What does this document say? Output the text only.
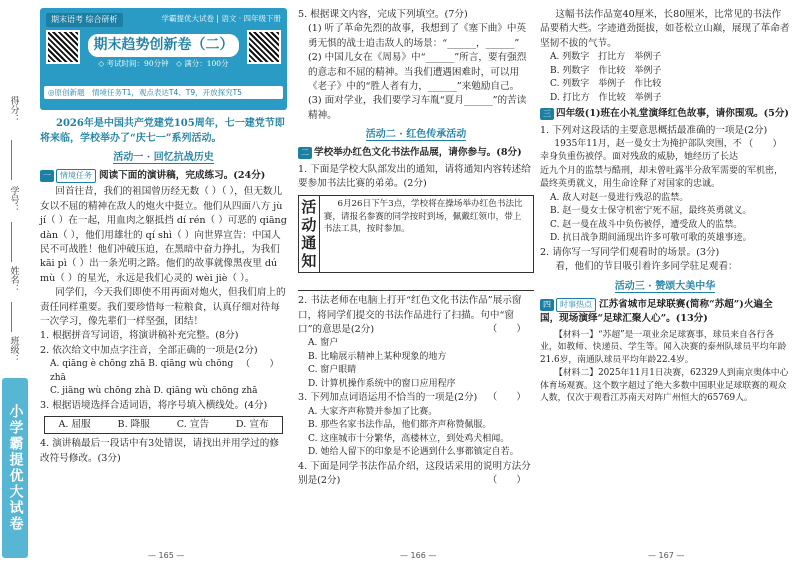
得分：
学号：
姓名：
班级：
小学霸提优大试卷
期末语考 综合研析	学霸提优大试卷 | 语文 · 四年级下册
期末趋势创新卷（二）
◇ 考试时间：90分钟　◇ 满分：100分
◎原创新题　情境任务T1，观点表达T4、T9，开放探究T5

2026年是中国共产党建党105周年，七一建党节即将来临，学校举办了“庆七一”系列活动。

活动一 · 回忆抗战历史
一 情境任务 阅读下面的演讲稿，完成练习。(24分)

回首往昔，我们的祖国曾历经无数（ ）（ ），但无数儿女以不屈的精神在敌人的炮火中挺立。他们从四面八方 jù jí（ ）在一起，用血肉之躯抵挡 dí rén（ ）可恶的 qiāng dàn（ ），他们用雄壮的 qí shì（ ）向世界宣告：中国人民不可战胜！他们冲破压迫，在黑暗中奋力挣扎，为我们 kāi pì（ ）出一条光明之路。他们的故事就像黑夜里 dú mù（ ）的星光，永远是我们心灵的 wèi jiè（ ）。

同学们，今天我们即使不用再面对炮火，但我们肩上的责任同样重要。我们要珍惜每一粒粮食，认真仔细对待每一次学习，像先辈们一样坚强，团结！

1. 根据拼音写词语，将演讲稿补充完整。(8分)

2. 依次给文中加点字注音，全部正确的一项是(2分)
（　　）

A. qiāng è chōng zhā B. qiāng wù chōng zhā

C. jiāng wù chōng zhà D. qiāng wù chōng zhā

3. 根据语境选择合适词语，将序号填入横线处。(4分)

A. 屈服	B. 降服	C. 宣告	D. 宣布

4. 演讲稿最后一段话中有3处错误，请找出并用学过的修改符号修改。(3分)

— 165 —

5. 根据课文内容，完成下列填空。(7分)

(1) 听了革命先烈的故事，我想到了《塞下曲》中英勇无惧的战士追击敌人的场景：“______，______”

(2) 中国儿女在《周易》中“______”所言，要有强烈的意志和不屈的精神。当我们遭遇困难时，可以用《老子》中的“胜人者有力，______”来勉励自己。

(3) 面对学业，我们要学习车胤“夏月______”的苦读精神。

活动二 · 红色传承活动
二 学校举办红色文化书法作品展，请你参与。(8分)

1. 下面是学校大队部发出的通知，请将通知内容转述给要参加书法比赛的弟弟。(2分)

活动通知
6月26日下午3点，学校将在操场举办红色书法比赛，请报名参赛的同学按时到场，佩戴红领巾，带上书法工具，按时参加。

2. 书法老师在电脑上打开“红色文化书法作品”展示窗口，将同学们提交的书法作品进行了扫描。句中“窗口”的意思是(2分)	（　　）

A. 窗户

B. 比喻展示精神上某种现象的地方

C. 窗户眼睛

D. 计算机操作系统中的窗口应用程序

3. 下列加点词语运用不恰当的一项是(2分) （　　）

A. 大家齐声称赞并参加了比赛。

B. 那些名家书法作品，他们都齐声称赞佩服。

C. 这座城市十分繁华，高楼林立，到处鸡犬相闻。

D. 她给人留下的印象是不论遇到什么事都镇定自若。

4. 下面是同学书法作品介绍，这段话采用的说明方法分别是(2分)	（　　）

— 166 —

这幅书法作品宽40厘米，长80厘米，比常见的书法作品要稍大些。字迹遒劲挺拔，如苍松立山巅，展现了革命者坚韧不拔的气节。

A. 列数字　打比方　举例子

B. 列数字　作比较　举例子

C. 列数字　举例子　作比较

D. 打比方　作比较　举例子

三 四年级(1)班在小礼堂演绎红色故事，请你围观。(5分)

1. 下列对这段话的主要意思概括最准确的一项是(2分)
（　　）

1935年11月，赵一曼女士为掩护部队突围，不幸身负重伤被俘。面对残敌的威胁，她经历了长达近九个月的监禁与酷刑，却未曾吐露半分敌军需要的军机密，最终英勇就义，用生命诠释了对国家的忠诚。

A. 敌人对赵一曼进行残忍的监禁。

B. 赵一曼女士保守机密宁死不屈，最终英勇就义。

C. 赵一曼在战斗中负伤被俘，遭受敌人的监禁。

D. 抗日战争期间涌现出许多可敬可歌的英雄事迹。

2. 请你写一写同学们观看时的场景。(3分)

看，他们的节目吸引着许多同学驻足观看：

活动三 · 赞颂大美中华
四 时事热点 江苏省城市足球联赛(简称“苏超”)火遍全国，现场演绎“足球汇聚人心”。(13分)

【材料一】“苏超”是一项业余足球赛事，球员来自各行各业，如教师、快递员、学生等。闻入决赛的泰州队球员平均年龄21.6岁，南通队球员平均年龄22.4岁。

【材料二】2025年11月1日决赛，62329人到南京奥体中心体育场观赛。这个数字超过了绝大多数中国职业足球联赛的观众人数，仅次于观看江苏南天对阵广州恒大的65769人。

— 167 —
